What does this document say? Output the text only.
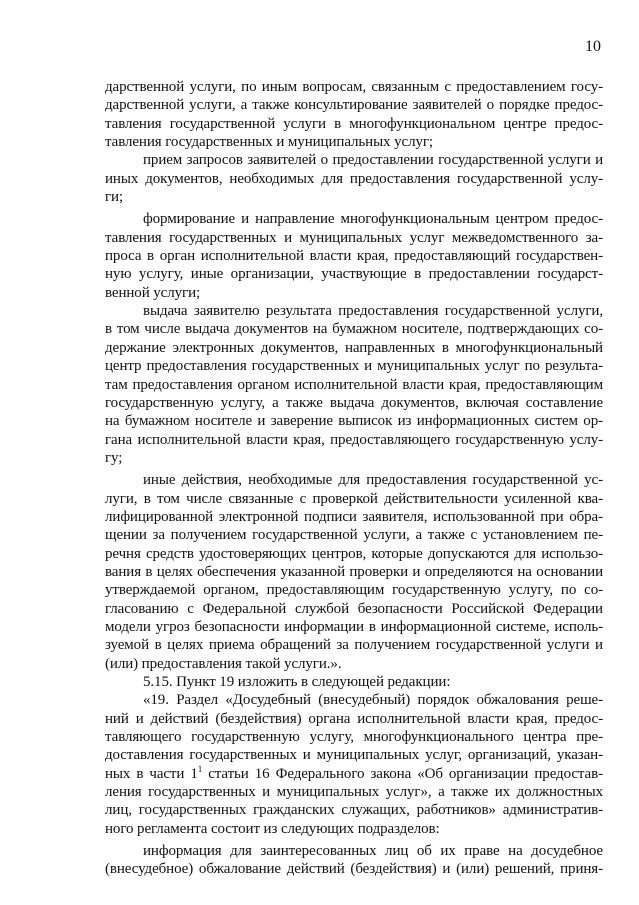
10

дарственной услуги, по иным вопросам, связанным с предоставлением госу-

дарственной услуги, а также консультирование заявителей о порядке предос-

тавления государственной услуги в многофункциональном центре предос-

тавления государственных и муниципальных услуг;

прием запросов заявителей о предоставлении государственной услуги и

иных документов, необходимых для предоставления государственной услу-

ги;

формирование и направление многофункциональным центром предос-

тавления государственных и муниципальных услуг межведомственного за-

проса в орган исполнительной власти края, предоставляющий государствен-

ную услугу, иные организации, участвующие в предоставлении государст-

венной услуги;

выдача заявителю результата предоставления государственной услуги,

в том числе выдача документов на бумажном носителе, подтверждающих со-

держание электронных документов, направленных в многофункциональный

центр предоставления государственных и муниципальных услуг по результа-

там предоставления органом исполнительной власти края, предоставляющим

государственную услугу, а также выдача документов, включая составление

на бумажном носителе и заверение выписок из информационных систем ор-

гана исполнительной власти края, предоставляющего государственную услу-

гу;

иные действия, необходимые для предоставления государственной ус-

луги, в том числе связанные с проверкой действительности усиленной ква-

лифицированной электронной подписи заявителя, использованной при обра-

щении за получением государственной услуги, а также с установлением пе-

речня средств удостоверяющих центров, которые допускаются для использо-

вания в целях обеспечения указанной проверки и определяются на основании

утверждаемой органом, предоставляющим государственную услугу, по со-

гласованию с Федеральной службой безопасности Российской Федерации

модели угроз безопасности информации в информационной системе, исполь-

зуемой в целях приема обращений за получением государственной услуги и

(или) предоставления такой услуги.».

5.15. Пункт 19 изложить в следующей редакции:

«19. Раздел «Досудебный (внесудебный) порядок обжалования реше-

ний и действий (бездействия) органа исполнительной власти края, предос-

тавляющего государственную услугу, многофункционального центра пре-

доставления государственных и муниципальных услуг, организаций, указан-

ных в части $1^1$ статьи 16 Федерального закона «Об организации предостав-

ления государственных и муниципальных услуг», а также их должностных

лиц, государственных гражданских служащих, работников» административ-

ного регламента состоит из следующих подразделов:

информация для заинтересованных лиц об их праве на досудебное

(внесудебное) обжалование действий (бездействия) и (или) решений, приня-
